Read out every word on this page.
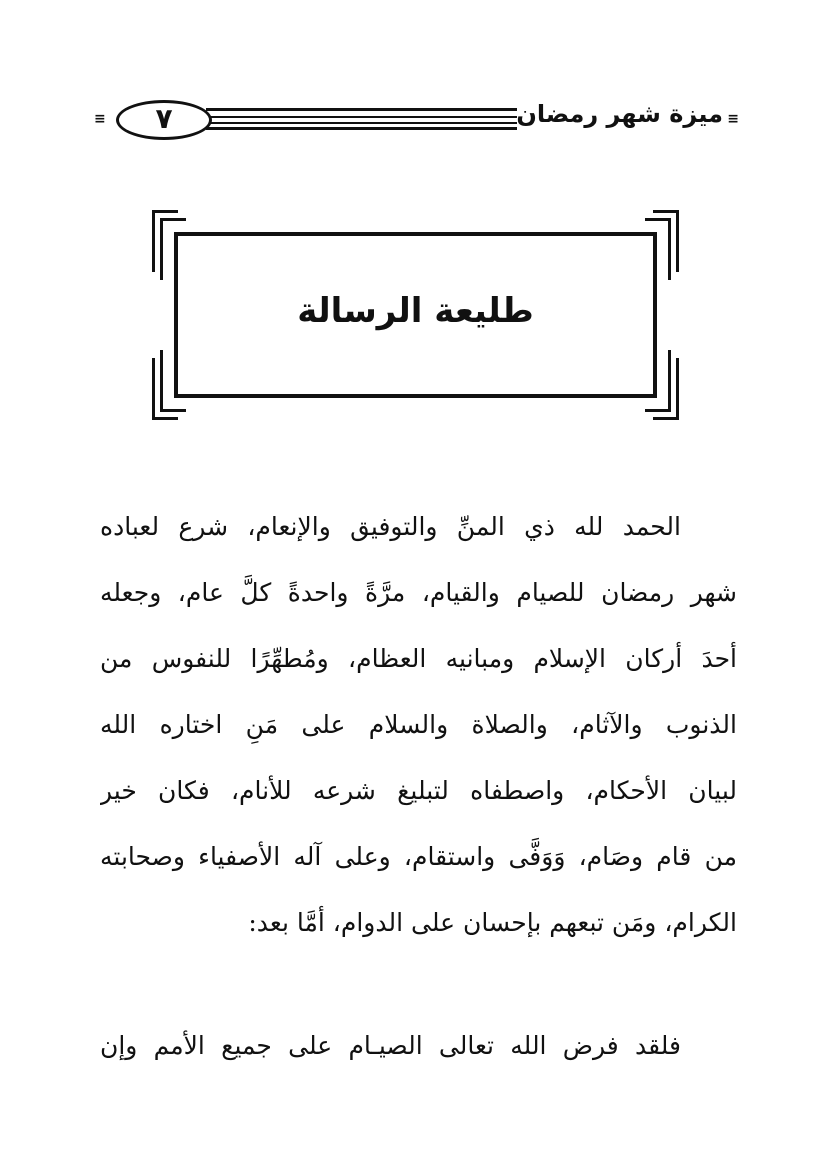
≡ ٧	ميزة شهر رمضان ≡
طليعة الرسالة
الحمد لله ذي المنِّ والتوفيق والإنعام، شرع لعباده
شهر رمضان للصيام والقيام، مرَّةً واحدةً كلَّ عام، وجعله
أحدَ أركان الإسلام ومبانيه العظام، ومُطهِّرًا للنفوس من
الذنوب والآثام، والصلاة والسلام على مَنِ اختاره الله
لبيان الأحكام، واصطفاه لتبليغ شرعه للأنام، فكان خير
من قام وصَام، وَوَفَّى واستقام، وعلى آله الأصفياء وصحابته
الكرام، ومَن تبعهم بإحسان على الدوام، أمَّا بعد:
فلقد فرض الله تعالى الصيـام على جميع الأمم وإن
